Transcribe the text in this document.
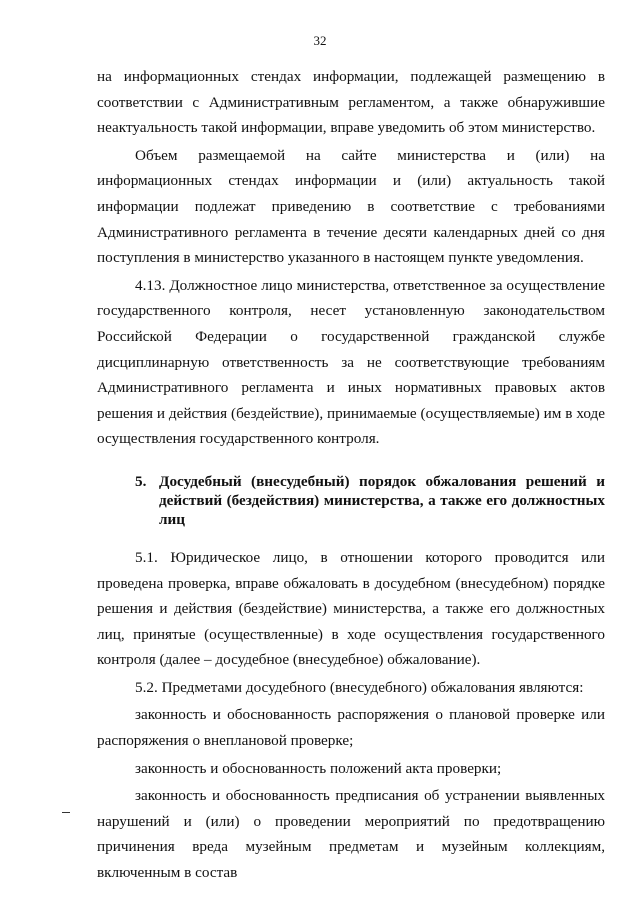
32

на информационных стендах информации, подлежащей размещению в соответствии с Административным регламентом, а также обнаружившие неактуальность такой информации, вправе уведомить об этом министерство.

Объем размещаемой на сайте министерства и (или) на информационных стендах информации и (или) актуальность такой информации подлежат приведению в соответствие с требованиями Административного регламента в течение десяти календарных дней со дня поступления в министерство указанного в настоящем пункте уведомления.

4.13. Должностное лицо министерства, ответственное за осуществление государственного контроля, несет установленную законодательством Российской Федерации о государственной гражданской службе дисциплинарную ответственность за не соответствующие требованиям Административного регламента и иных нормативных правовых актов решения и действия (бездействие), принимаемые (осуществляемые) им в ходе осуществления государственного контроля.

5. Досудебный (внесудебный) порядок обжалования решений и действий (бездействия) министерства, а также его должностных лиц

5.1. Юридическое лицо, в отношении которого проводится или проведена проверка, вправе обжаловать в досудебном (внесудебном) порядке решения и действия (бездействие) министерства, а также его должностных лиц, принятые (осуществленные) в ходе осуществления государственного контроля (далее – досудебное (внесудебное) обжалование).

5.2. Предметами досудебного (внесудебного) обжалования являются:

законность и обоснованность распоряжения о плановой проверке или распоряжения о внеплановой проверке;

законность и обоснованность положений акта проверки;

законность и обоснованность предписания об устранении выявленных нарушений и (или) о проведении мероприятий по предотвращению причинения вреда музейным предметам и музейным коллекциям, включенным в состав
